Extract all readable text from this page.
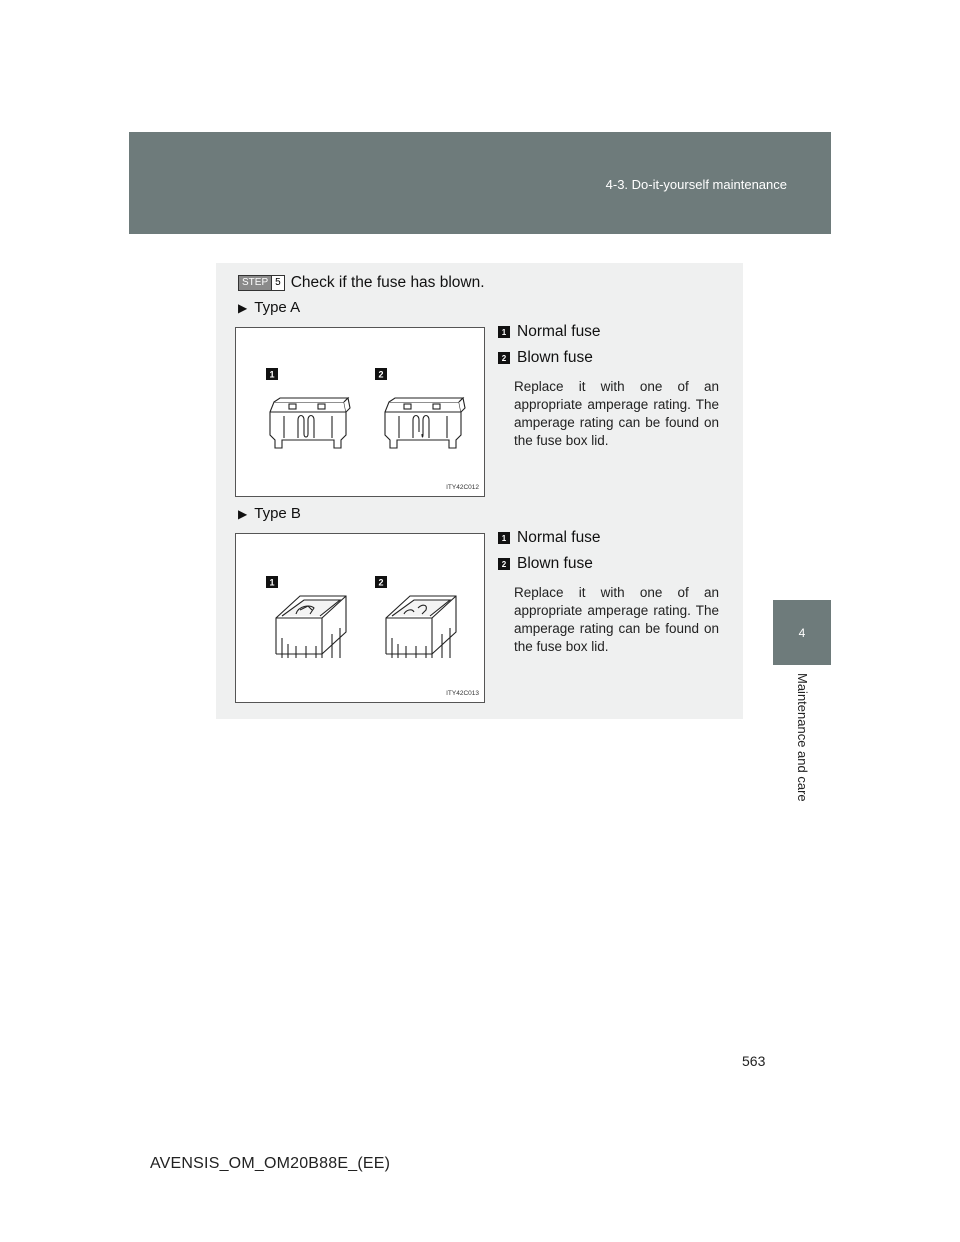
4-3. Do-it-yourself maintenance
4
Maintenance and care
STEP 5 Check if the fuse has blown.
▶ Type A
1	2
ITY42C012
1 Normal fuse
2 Blown fuse
Replace it with one of an appropriate amperage rating. The amperage rating can be found on the fuse box lid.
▶ Type B
1	2
ITY42C013
1 Normal fuse
2 Blown fuse
Replace it with one of an appropriate amperage rating. The amperage rating can be found on the fuse box lid.
563
AVENSIS_OM_OM20B88E_(EE)
